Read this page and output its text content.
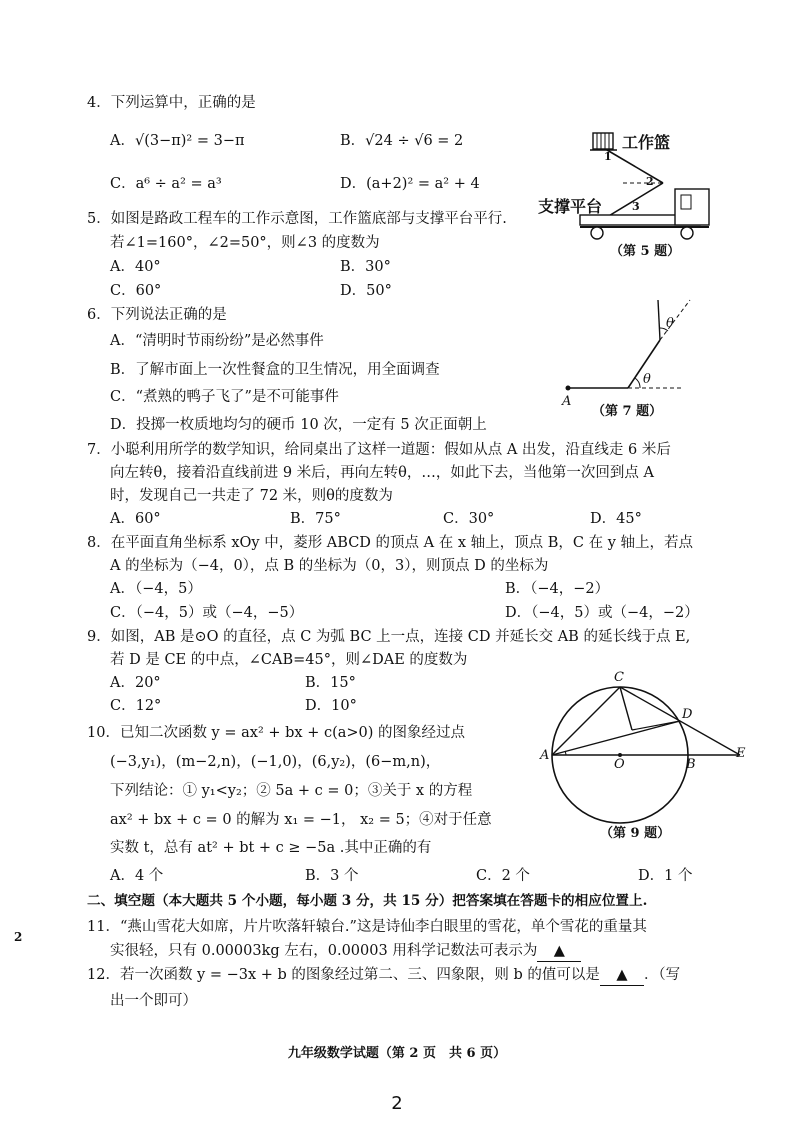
4．下列运算中，正确的是
A．√(3−π)² = 3−π	B．√24 ÷ √6 = 2
C．a⁶ ÷ a² = a³	D．(a+2)² = a² + 4
工作篮
支撑平台
1
2
3
（第 5 题）
5．如图是路政工程车的工作示意图，工作篮底部与支撑平台平行.
若∠1=160°，∠2=50°，则∠3 的度数为
A．40°	B．30°
C．60°	D．50°
6．下列说法正确的是
A．“清明时节雨纷纷”是必然事件
B．了解市面上一次性餐盒的卫生情况，用全面调查
C．“煮熟的鸭子飞了”是不可能事件
D．投掷一枚质地均匀的硬币 10 次，一定有 5 次正面朝上
θ
θ
A
（第 7 题）
7．小聪利用所学的数学知识，给同桌出了这样一道题：假如从点 A 出发，沿直线走 6 米后
向左转θ，接着沿直线前进 9 米后，再向左转θ，…，如此下去，当他第一次回到点 A
时，发现自己一共走了 72 米，则θ的度数为
A．60°	B．75°	C．30°	D．45°
8．在平面直角坐标系 xOy 中，菱形 ABCD 的顶点 A 在 x 轴上，顶点 B，C 在 y 轴上，若点
A 的坐标为（−4，0），点 B 的坐标为（0，3），则顶点 D 的坐标为
A．（−4，5）	B．（−4，−2）
C．（−4，5）或（−4，−5）	D．（−4，5）或（−4，−2）
9．如图，AB 是⊙O 的直径，点 C 为弧 BC 上一点，连接 CD 并延长交 AB 的延长线于点 E,
若 D 是 CE 的中点，∠CAB=45°，则∠DAE 的度数为
A．20°	B．15°
C．12°	D．10°
C
D
A
O	B
E
（第 9 题）
10．已知二次函数 y = ax² + bx + c(a>0) 的图象经过点
(−3,y₁)，(m−2,n)，(−1,0)，(6,y₂)，(6−m,n)，
下列结论：① y₁<y₂；② 5a + c = 0；③关于 x 的方程
ax² + bx + c = 0 的解为 x₁ = −1， x₂ = 5；④对于任意
实数 t，总有 at² + bt + c ≥ −5a .其中正确的有
A．4 个	B．3 个	C．2 个	D．1 个
二、填空题（本大题共 5 个小题，每小题 3 分，共 15 分）把答案填在答题卡的相应位置上.
2
11．“燕山雪花大如席，片片吹落轩辕台.”这是诗仙李白眼里的雪花，单个雪花的重量其
实很轻，只有 0.00003kg 左右，0.00003 用科学记数法可表示为 ▲
12．若一次函数 y = −3x + b 的图象经过第二、三、四象限，则 b 的值可以是 ▲ ．（写
出一个即可）
九年级数学试题（第 2 页　共 6 页）
2
